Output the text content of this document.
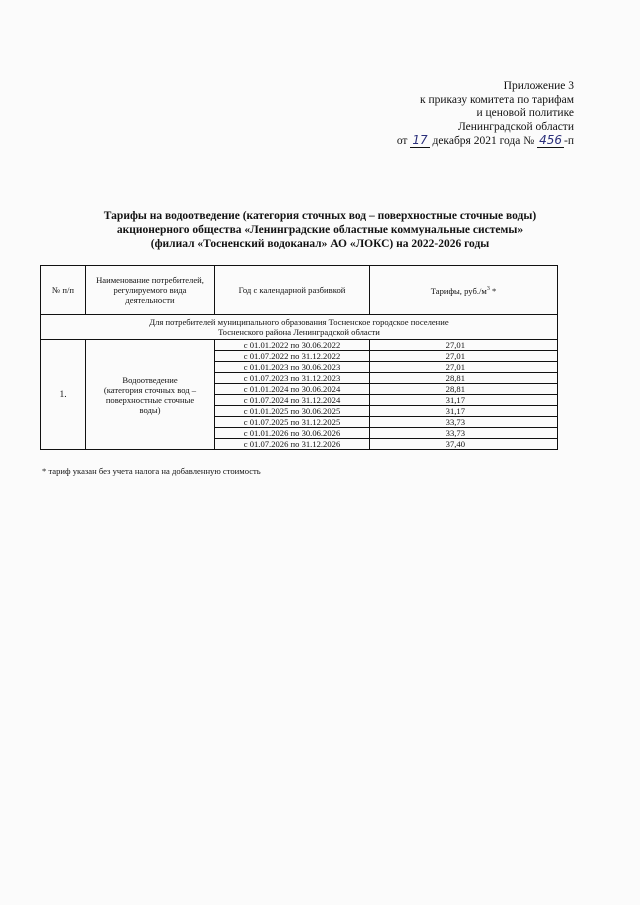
Приложение 3
к приказу комитета по тарифам
и ценовой политике
Ленинградской области
от 17 декабря 2021 года № 456 -п
Тарифы на водоотведение (категория сточных вод – поверхностные сточные воды)
акционерного общества «Ленинградские областные коммунальные системы»
(филиал «Тосненский водоканал» АО «ЛОКС) на 2022-2026 годы
№ п/п	Наименование потребителей, регулируемого вида деятельности	Год с календарной разбивкой	Тарифы, $руб./м^3$ *

Для потребителей муниципального образования Тосненское городское поселение
Тосненского района Ленинградской области			

1.	Водоотведение
(категория сточных вод –
поверхностные сточные
воды)	с 01.01.2022 по 30.06.2022	27,01
		с 01.07.2022 по 31.12.2022	27,01
		с 01.01.2023 по 30.06.2023	27,01
		с 01.07.2023 по 31.12.2023	28,81
		с 01.01.2024 по 30.06.2024	28,81
		с 01.07.2024 по 31.12.2024	31,17
		с 01.01.2025 по 30.06.2025	31,17
		с 01.07.2025 по 31.12.2025	33,73
		с 01.01.2026 по 30.06.2026	33,73
		с 01.07.2026 по 31.12.2026	37,40
* тариф указан без учета налога на добавленную стоимость
